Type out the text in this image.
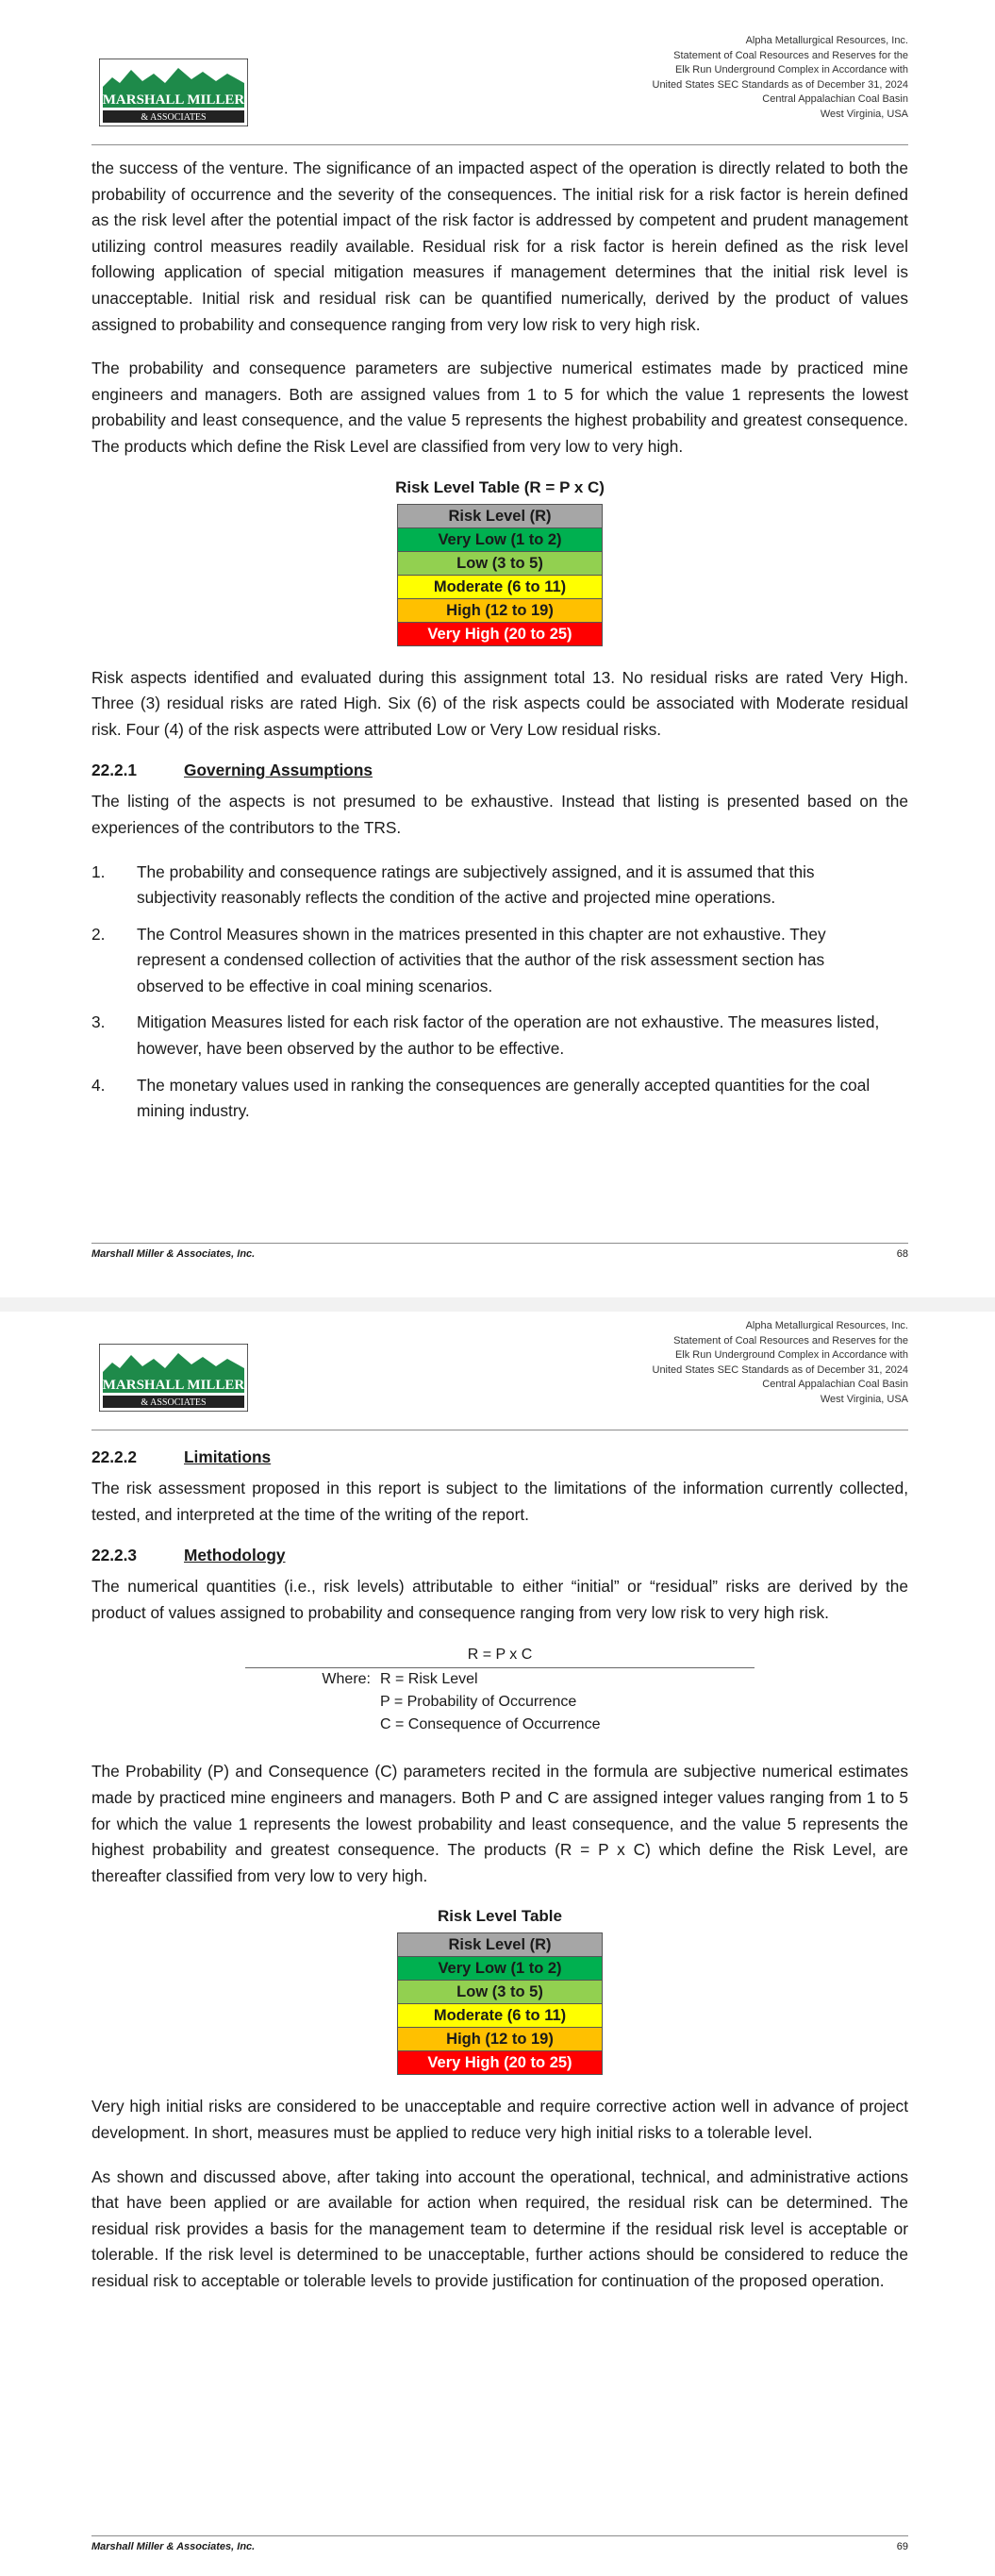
MARSHALL MILLER
& ASSOCIATES
Alpha Metallurgical Resources, Inc.
Statement of Coal Resources and Reserves for the
Elk Run Underground Complex in Accordance with
United States SEC Standards as of December 31, 2024
Central Appalachian Coal Basin
West Virginia, USA

the success of the venture. The significance of an impacted aspect of the operation is directly related to both the probability of occurrence and the severity of the consequences. The initial risk for a risk factor is herein defined as the risk level after the potential impact of the risk factor is addressed by competent and prudent management utilizing control measures readily available. Residual risk for a risk factor is herein defined as the risk level following application of special mitigation measures if management determines that the initial risk level is unacceptable. Initial risk and residual risk can be quantified numerically, derived by the product of values assigned to probability and consequence ranging from very low risk to very high risk.

The probability and consequence parameters are subjective numerical estimates made by practiced mine engineers and managers. Both are assigned values from 1 to 5 for which the value 1 represents the lowest probability and least consequence, and the value 5 represents the highest probability and greatest consequence. The products which define the Risk Level are classified from very low to very high.

Risk Level Table (R = P x C)
Risk Level (R)
Very Low (1 to 2)
Low (3 to 5)
Moderate (6 to 11)
High (12 to 19)
Very High (20 to 25)

Risk aspects identified and evaluated during this assignment total 13. No residual risks are rated Very High. Three (3) residual risks are rated High. Six (6) of the risk aspects could be associated with Moderate residual risk. Four (4) of the risk aspects were attributed Low or Very Low residual risks.

22.2.1	Governing Assumptions

The listing of the aspects is not presumed to be exhaustive. Instead that listing is presented based on the experiences of the contributors to the TRS.

1.	The probability and consequence ratings are subjectively assigned, and it is assumed that this subjectivity reasonably reflects the condition of the active and projected mine operations.
2.	The Control Measures shown in the matrices presented in this chapter are not exhaustive. They represent a condensed collection of activities that the author of the risk assessment section has observed to be effective in coal mining scenarios.
3.	Mitigation Measures listed for each risk factor of the operation are not exhaustive. The measures listed, however, have been observed by the author to be effective.
4.	The monetary values used in ranking the consequences are generally accepted quantities for the coal mining industry.
Marshall Miller & Associates, Inc.	68
MARSHALL MILLER
& ASSOCIATES
Alpha Metallurgical Resources, Inc.
Statement of Coal Resources and Reserves for the
Elk Run Underground Complex in Accordance with
United States SEC Standards as of December 31, 2024
Central Appalachian Coal Basin
West Virginia, USA
22.2.2	Limitations

The risk assessment proposed in this report is subject to the limitations of the information currently collected, tested, and interpreted at the time of the writing of the report.

22.2.3	Methodology

The numerical quantities (i.e., risk levels) attributable to either “initial” or “residual” risks are derived by the product of values assigned to probability and consequence ranging from very low risk to very high risk.

R = P x C
Where: R = Risk Level
P = Probability of Occurrence
C = Consequence of Occurrence

The Probability (P) and Consequence (C) parameters recited in the formula are subjective numerical estimates made by practiced mine engineers and managers. Both P and C are assigned integer values ranging from 1 to 5 for which the value 1 represents the lowest probability and least consequence, and the value 5 represents the highest probability and greatest consequence. The products (R = P x C) which define the Risk Level, are thereafter classified from very low to very high.

Risk Level Table
Risk Level (R)
Very Low (1 to 2)
Low (3 to 5)
Moderate (6 to 11)
High (12 to 19)
Very High (20 to 25)

Very high initial risks are considered to be unacceptable and require corrective action well in advance of project development. In short, measures must be applied to reduce very high initial risks to a tolerable level.

As shown and discussed above, after taking into account the operational, technical, and administrative actions that have been applied or are available for action when required, the residual risk can be determined. The residual risk provides a basis for the management team to determine if the residual risk level is acceptable or tolerable. If the risk level is determined to be unacceptable, further actions should be considered to reduce the residual risk to acceptable or tolerable levels to provide justification for continuation of the proposed operation.

Marshall Miller & Associates, Inc.	69
